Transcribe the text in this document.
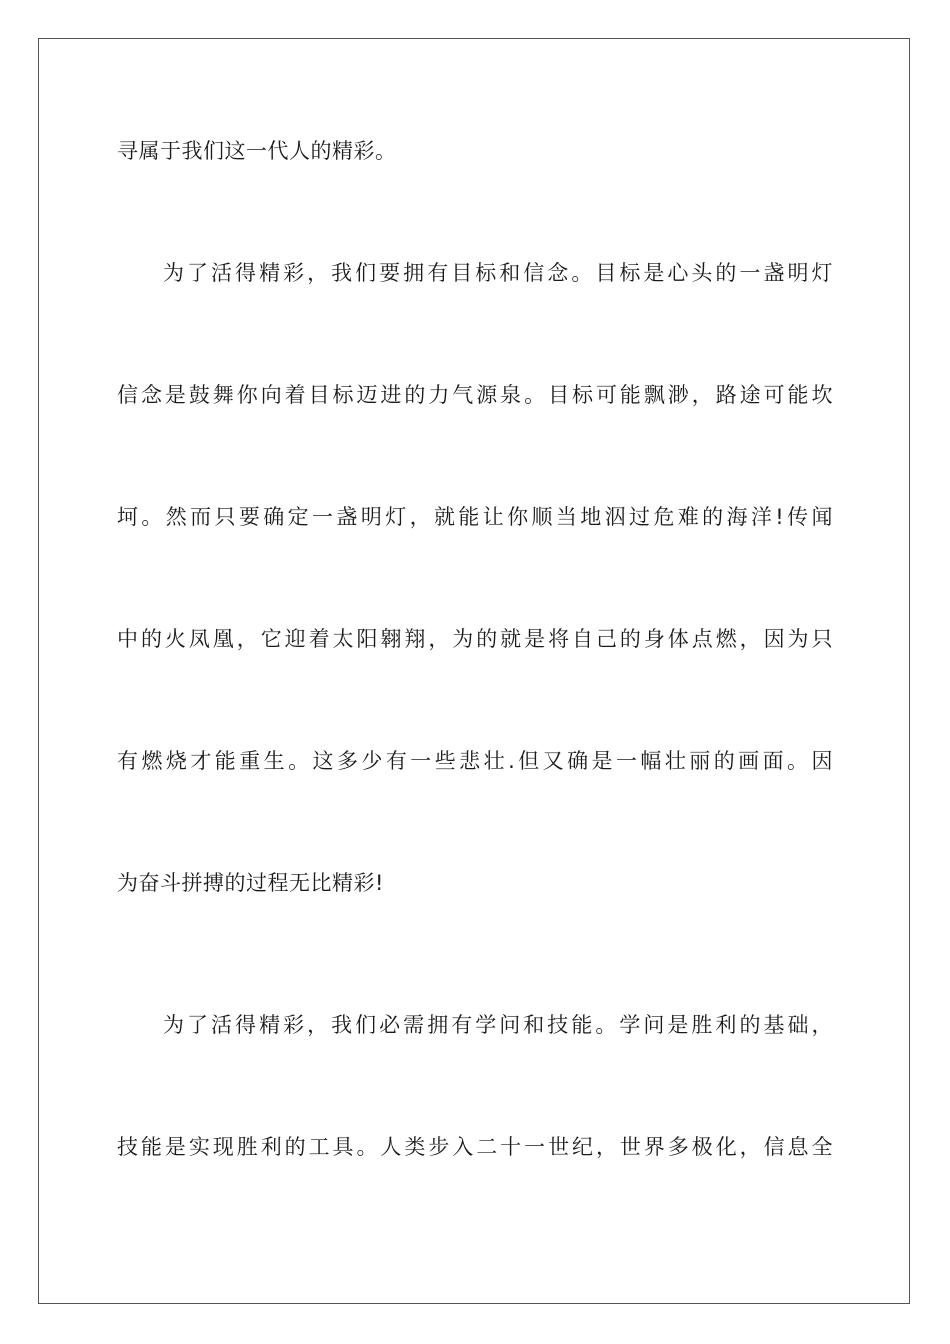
寻属于我们这一代人的精彩。
为了活得精彩，我们要拥有目标和信念。目标是心头的一盏明灯
信念是鼓舞你向着目标迈进的力气源泉。目标可能飘渺，路途可能坎
坷。然而只要确定一盏明灯，就能让你顺当地泅过危难的海洋!传闻
中的火凤凰，它迎着太阳翱翔，为的就是将自己的身体点燃，因为只
有燃烧才能重生。这多少有一些悲壮.但又确是一幅壮丽的画面。因
为奋斗拼搏的过程无比精彩!
为了活得精彩，我们必需拥有学问和技能。学问是胜利的基础，
技能是实现胜利的工具。人类步入二十一世纪，世界多极化，信息全
